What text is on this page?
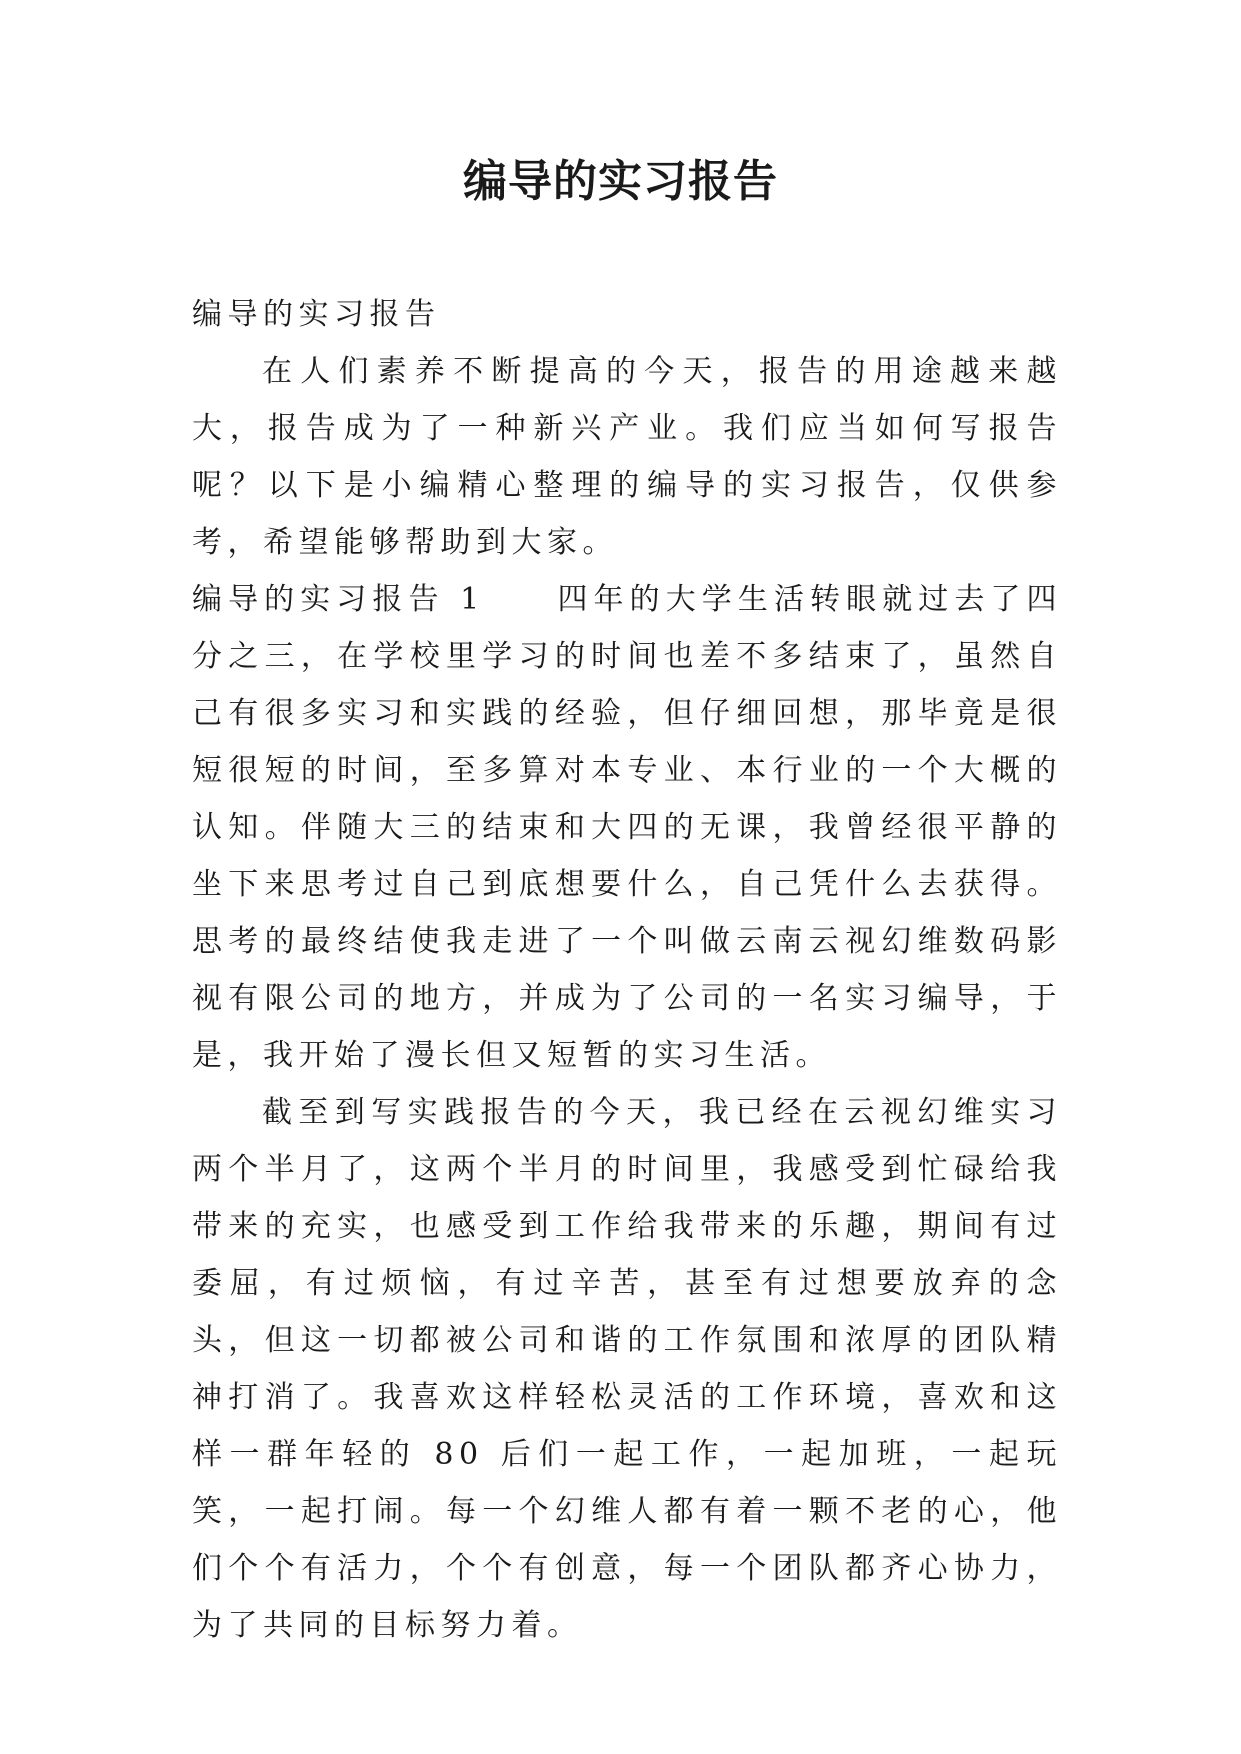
编导的实习报告

编导的实习报告

在人们素养不断提高的今天，报告的用途越来越大，报告成为了一种新兴产业。我们应当如何写报告呢？以下是小编精心整理的编导的实习报告，仅供参考，希望能够帮助到大家。

编导的实习报告 1　　四年的大学生活转眼就过去了四分之三，在学校里学习的时间也差不多结束了，虽然自己有很多实习和实践的经验，但仔细回想，那毕竟是很短很短的时间，至多算对本专业、本行业的一个大概的认知。伴随大三的结束和大四的无课，我曾经很平静的坐下来思考过自己到底想要什么，自己凭什么去获得。思考的最终结使我走进了一个叫做云南云视幻维数码影视有限公司的地方，并成为了公司的一名实习编导，于是，我开始了漫长但又短暂的实习生活。

截至到写实践报告的今天，我已经在云视幻维实习两个半月了，这两个半月的时间里，我感受到忙碌给我带来的充实，也感受到工作给我带来的乐趣，期间有过委屈，有过烦恼，有过辛苦，甚至有过想要放弃的念头，但这一切都被公司和谐的工作氛围和浓厚的团队精神打消了。我喜欢这样轻松灵活的工作环境，喜欢和这样一群年轻的 80 后们一起工作，一起加班，一起玩笑，一起打闹。每一个幻维人都有着一颗不老的心，他们个个有活力，个个有创意，每一个团队都齐心协力，为了共同的目标努力着。
